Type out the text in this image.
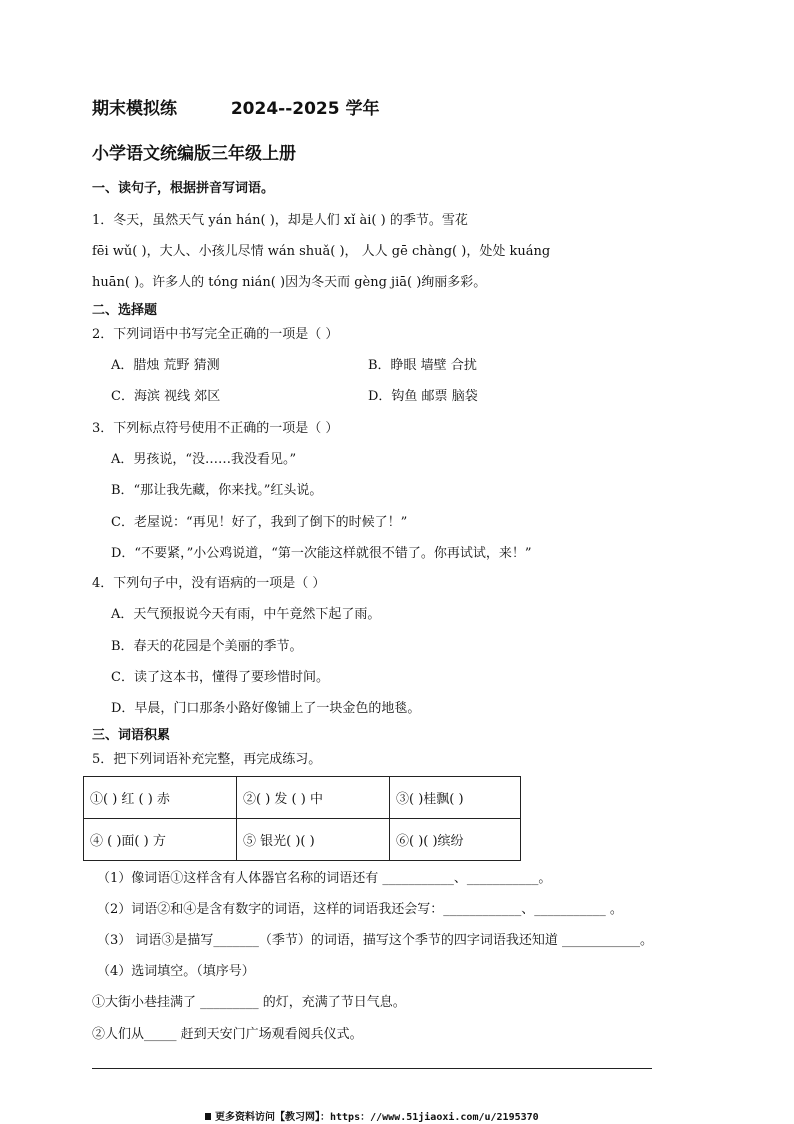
期末模拟练	2024--2025 学年
小学语文统编版三年级上册
一、读句子，根据拼音写词语。
1．冬天，虽然天气 yán hán( )，却是人们 xǐ ài( ) 的季节。雪花
fēi wǔ( )，大人、小孩儿尽情 wán shuǎ( )， 人人 gē chàng( )，处处 kuáng
huān( )。许多人的 tóng nián( )因为冬天而 gèng jiā( )绚丽多彩。
二、选择题
2．下列词语中书写完全正确的一项是（ ）
A．腊烛 荒野 猜测	B．睁眼 墙壁 合扰
C．海滨 视线 郊区	D．钩鱼 邮票 脑袋
3．下列标点符号使用不正确的一项是（ ）
A．男孩说，“没……我没看见。”
B．“那让我先藏，你来找。”红头说。
C．老屋说：“再见！好了，我到了倒下的时候了！”
D．“不要紧，”小公鸡说道，“第一次能这样就很不错了。你再试试，来！”
4．下列句子中，没有语病的一项是（ ）
A．天气预报说今天有雨，中午竟然下起了雨。
B．春天的花园是个美丽的季节。
C．读了这本书，懂得了要珍惜时间。
D．早晨，门口那条小路好像铺上了一块金色的地毯。
三、词语积累
5．把下列词语补充完整，再完成练习。
①( ) 红 ( ) 赤	②( ) 发 ( ) 中	③( )桂飘( )
④ ( )面( ) 方	⑤ 银光( )( )	⑥( )( )缤纷
（1）像词语①这样含有人体器官名称的词语还有 ___________、___________。
（2）词语②和④是含有数字的词语，这样的词语我还会写：____________、___________ 。
（3） 词语③是描写_______（季节）的词语，描写这个季节的四字词语我还知道 ____________。
（4）选词填空。（填序号）
①大街小巷挂满了 _________ 的灯，充满了节日气息。
②人们从_____ 赶到天安门广场观看阅兵仪式。
更多资料访问【教习网】：https：//www.51jiaoxi.com/u/2195370
